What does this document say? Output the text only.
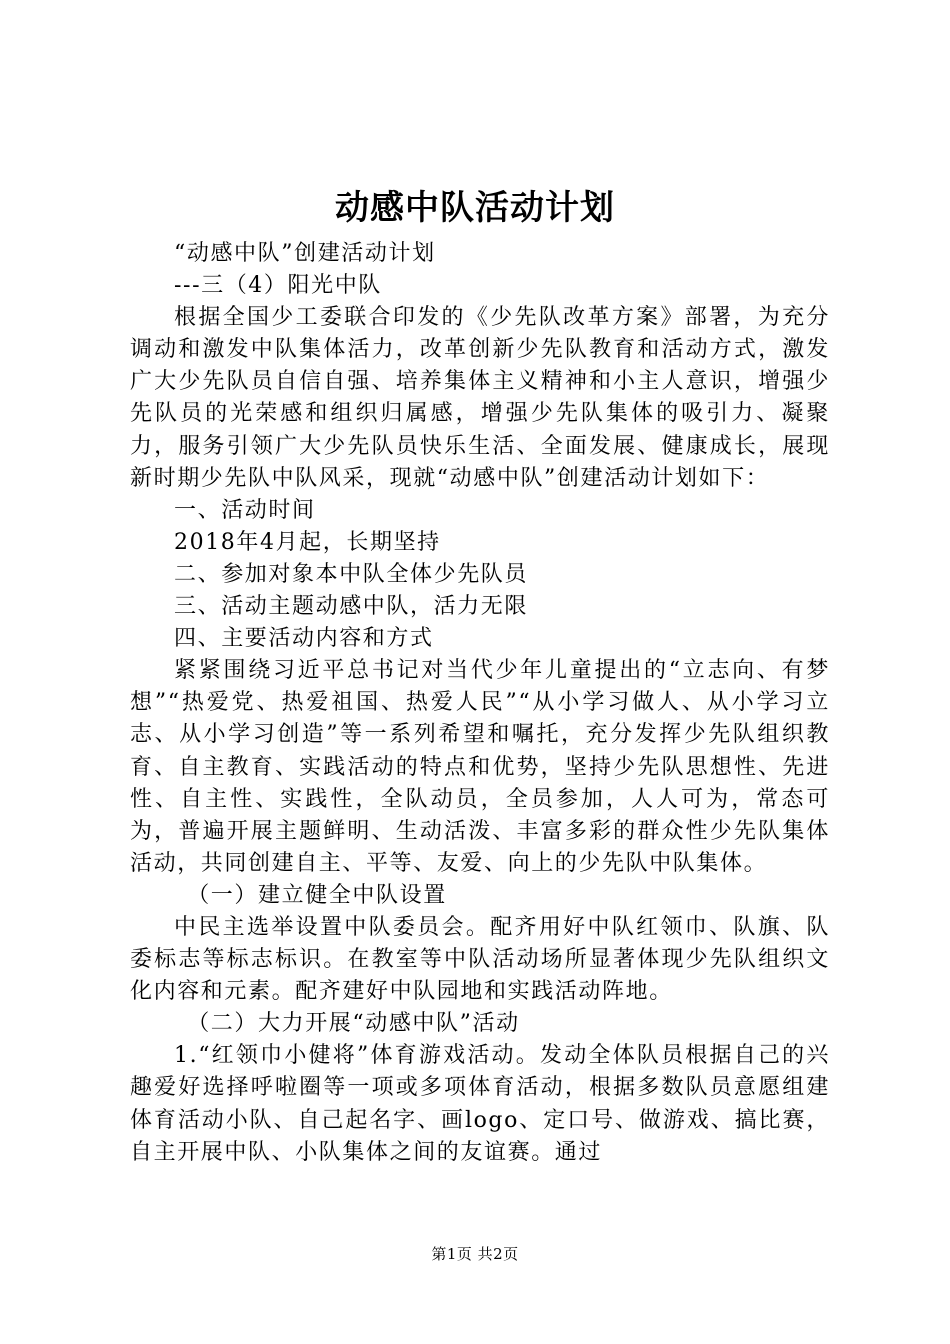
动感中队活动计划

“动感中队”创建活动计划

---三（4）阳光中队

根据全国少工委联合印发的《少先队改革方案》部署，为充分调动和激发中队集体活力，改革创新少先队教育和活动方式，激发广大少先队员自信自强、培养集体主义精神和小主人意识，增强少先队员的光荣感和组织归属感，增强少先队集体的吸引力、凝聚力，服务引领广大少先队员快乐生活、全面发展、健康成长，展现新时期少先队中队风采，现就“动感中队”创建活动计划如下：

一、活动时间

2018年4月起，长期坚持

二、参加对象本中队全体少先队员

三、活动主题动感中队，活力无限

四、主要活动内容和方式

紧紧围绕习近平总书记对当代少年儿童提出的“立志向、有梦想”“热爱党、热爱祖国、热爱人民”“从小学习做人、从小学习立志、从小学习创造”等一系列希望和嘱托，充分发挥少先队组织教育、自主教育、实践活动的特点和优势，坚持少先队思想性、先进性、自主性、实践性，全队动员，全员参加，人人可为，常态可为，普遍开展主题鲜明、生动活泼、丰富多彩的群众性少先队集体活动，共同创建自主、平等、友爱、向上的少先队中队集体。

（一）建立健全中队设置

中民主选举设置中队委员会。配齐用好中队红领巾、队旗、队委标志等标志标识。在教室等中队活动场所显著体现少先队组织文化内容和元素。配齐建好中队园地和实践活动阵地。

（二）大力开展“动感中队”活动

1.“红领巾小健将”体育游戏活动。发动全体队员根据自己的兴趣爱好选择呼啦圈等一项或多项体育活动，根据多数队员意愿组建体育活动小队、自己起名字、画logo、定口号、做游戏、搞比赛，自主开展中队、小队集体之间的友谊赛。通过

第1页 共2页
